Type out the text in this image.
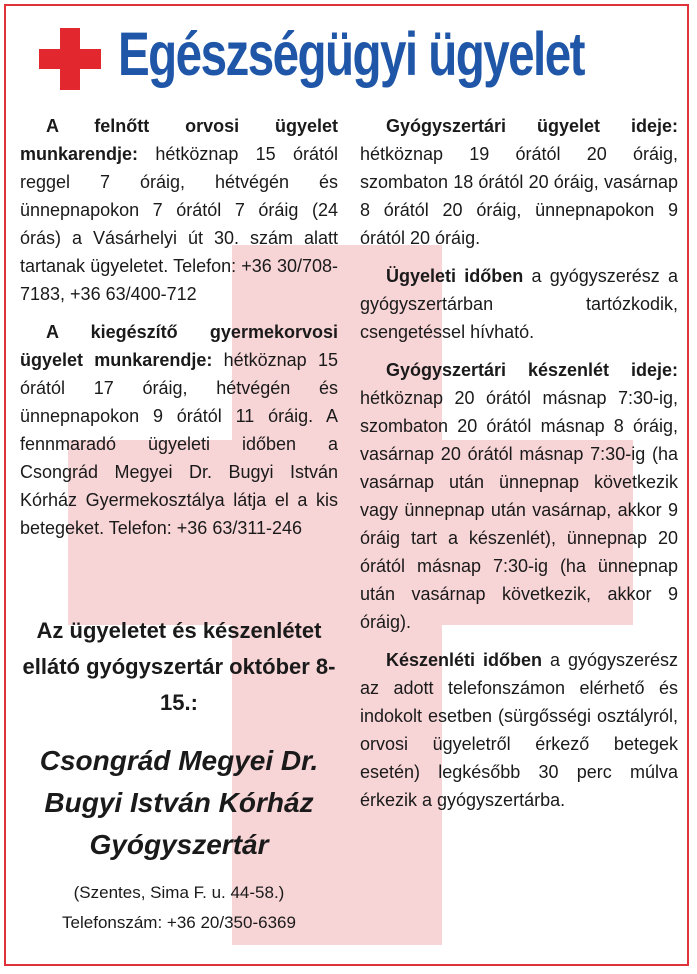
Egészségügyi ügyelet

A felnőtt orvosi ügyelet munkarendje: hétköznap 15 órától reggel 7 óráig, hétvégén és ünnepnapokon 7 órától 7 óráig (24 órás) a Vásárhelyi út 30. szám alatt tartanak ügyeletet. Telefon: +36 30/708-7183, +36 63/400-712

A kiegészítő gyermekorvosi ügyelet munkarendje: hétköznap 15 órától 17 óráig, hétvégén és ünnepnapokon 9 órától 11 óráig. A fennmaradó ügyeleti időben a Csongrád Megyei Dr. Bugyi István Kórház Gyermekosztálya látja el a kis betegeket. Telefon: +36 63/311-246

Az ügyeletet és készenlétet ellátó gyógyszertár október 8-15.:
Csongrád Megyei Dr. Bugyi István Kórház Gyógyszertár
(Szentes, Sima F. u. 44-58.)
Telefonszám: +36 20/350-6369

Gyógyszertári ügyelet ideje: hétköznap 19 órától 20 óráig, szombaton 18 órától 20 óráig, vasárnap 8 órától 20 óráig, ünnepnapokon 9 órától 20 óráig.

Ügyeleti időben a gyógyszerész a gyógyszertárban tartózkodik, csengetéssel hívható.

Gyógyszertári készenlét ideje: hétköznap 20 órától másnap 7:30-ig, szombaton 20 órától másnap 8 óráig, vasárnap 20 órától másnap 7:30-ig (ha vasárnap után ünnepnap következik vagy ünnepnap után vasárnap, akkor 9 óráig tart a készenlét), ünnepnap 20 órától másnap 7:30-ig (ha ünnepnap után vasárnap következik, akkor 9 óráig).

Készenléti időben a gyógyszerész az adott telefonszámon elérhető és indokolt esetben (sürgősségi osztályról, orvosi ügyeletről érkező betegek esetén) legkésőbb 30 perc múlva érkezik a gyógyszertárba.
